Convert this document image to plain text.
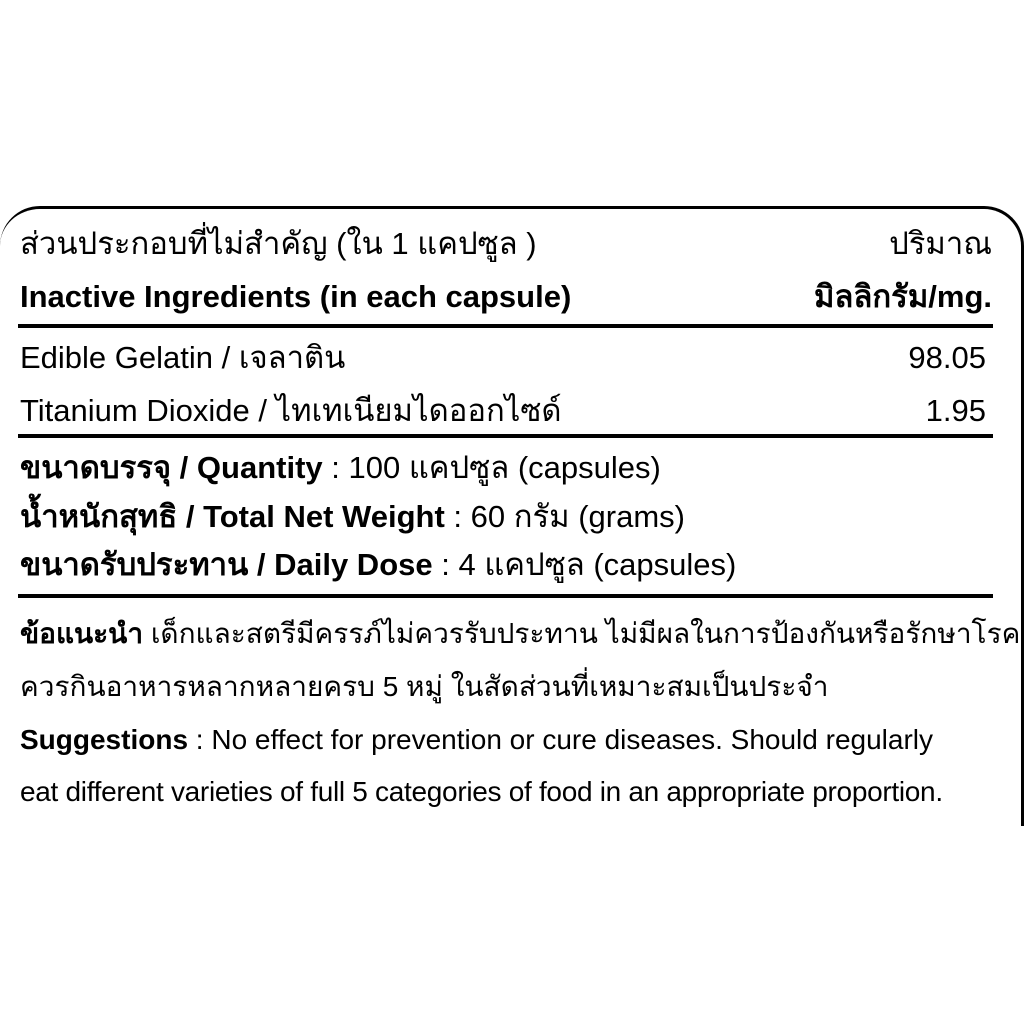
ส่วนประกอบที่ไม่สำคัญ (ใน 1 แคปซูล )	ปริมาณ
Inactive Ingredients (in each capsule)	มิลลิกรัม/mg.
Edible Gelatin / เจลาติน	98.05
Titanium Dioxide / ไทเทเนียมไดออกไซด์	1.95
ขนาดบรรจุ / Quantity : 100 แคปซูล (capsules)
น้ำหนักสุทธิ / Total Net Weight : 60 กรัม (grams)
ขนาดรับประทาน / Daily Dose : 4 แคปซูล (capsules)
ข้อแนะนำ เด็กและสตรีมีครรภ์ไม่ควรรับประทาน ไม่มีผลในการป้องกันหรือรักษาโรค
ควรกินอาหารหลากหลายครบ 5 หมู่ ในสัดส่วนที่เหมาะสมเป็นประจำ
Suggestions : No effect for prevention or cure diseases. Should regularly
eat different varieties of full 5 categories of food in an appropriate proportion.
